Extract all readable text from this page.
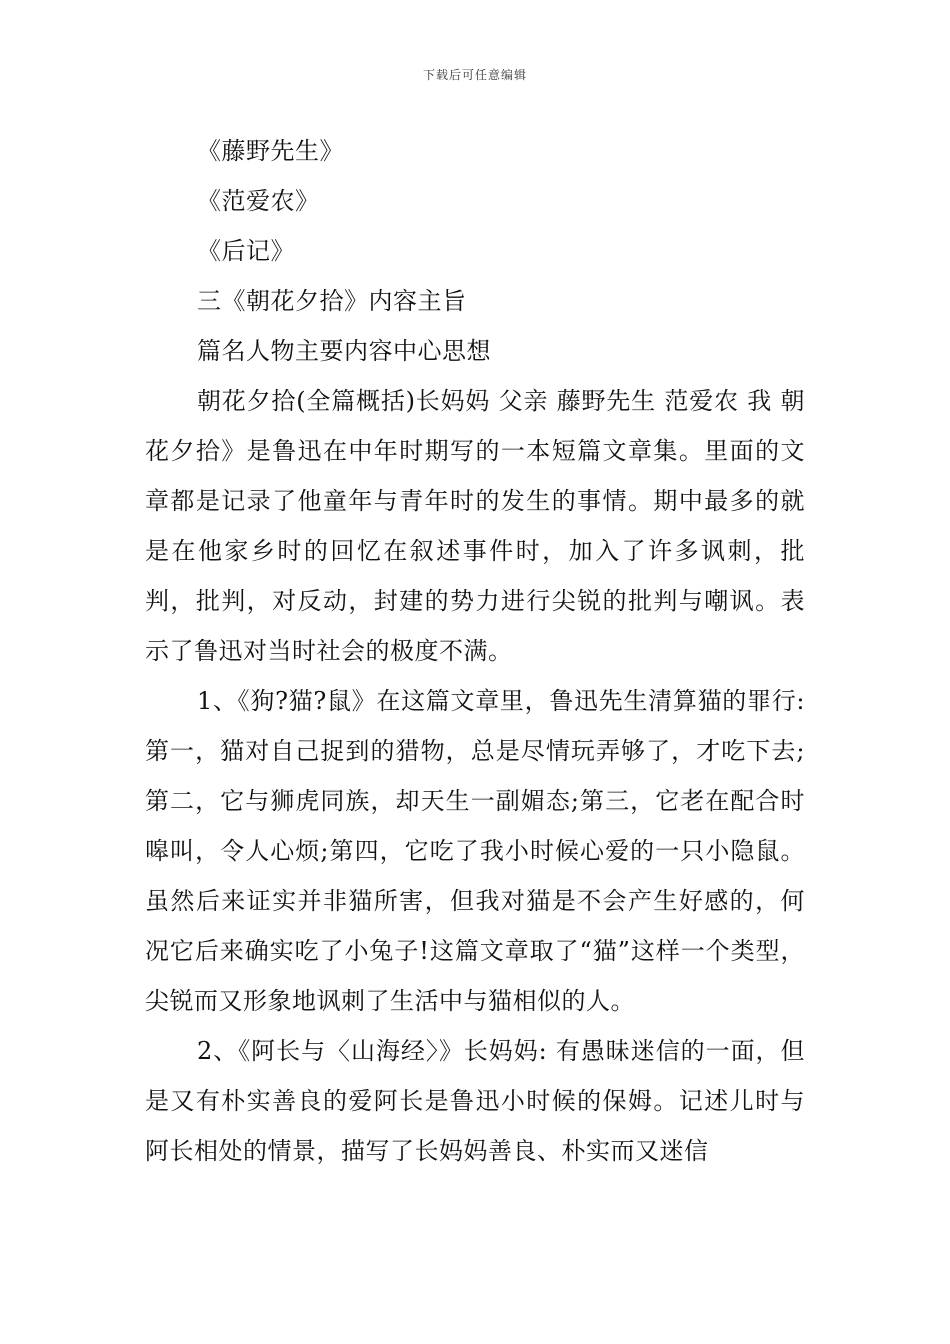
下载后可任意编辑
《藤野先生》
《范爱农》
《后记》
三《朝花夕拾》内容主旨
篇名人物主要内容中心思想

朝花夕拾(全篇概括)长妈妈 父亲 藤野先生 范爱农 我 朝花夕拾》是鲁迅在中年时期写的一本短篇文章集。里面的文章都是记录了他童年与青年时的发生的事情。期中最多的就是在他家乡时的回忆在叙述事件时，加入了许多讽刺，批判，批判，对反动，封建的势力进行尖锐的批判与嘲讽。表示了鲁迅对当时社会的极度不满。

1、《狗?猫?鼠》在这篇文章里，鲁迅先生清算猫的罪行:第一，猫对自己捉到的猎物，总是尽情玩弄够了，才吃下去;第二，它与狮虎同族，却天生一副媚态;第三，它老在配合时嗥叫，令人心烦;第四，它吃了我小时候心爱的一只小隐鼠。虽然后来证实并非猫所害，但我对猫是不会产生好感的，何况它后来确实吃了小兔子!这篇文章取了“猫”这样一个类型，尖锐而又形象地讽刺了生活中与猫相似的人。

2、《阿长与〈山海经〉》长妈妈: 有愚昧迷信的一面，但是又有朴实善良的爱阿长是鲁迅小时候的保姆。记述儿时与阿长相处的情景，描写了长妈妈善良、朴实而又迷信
